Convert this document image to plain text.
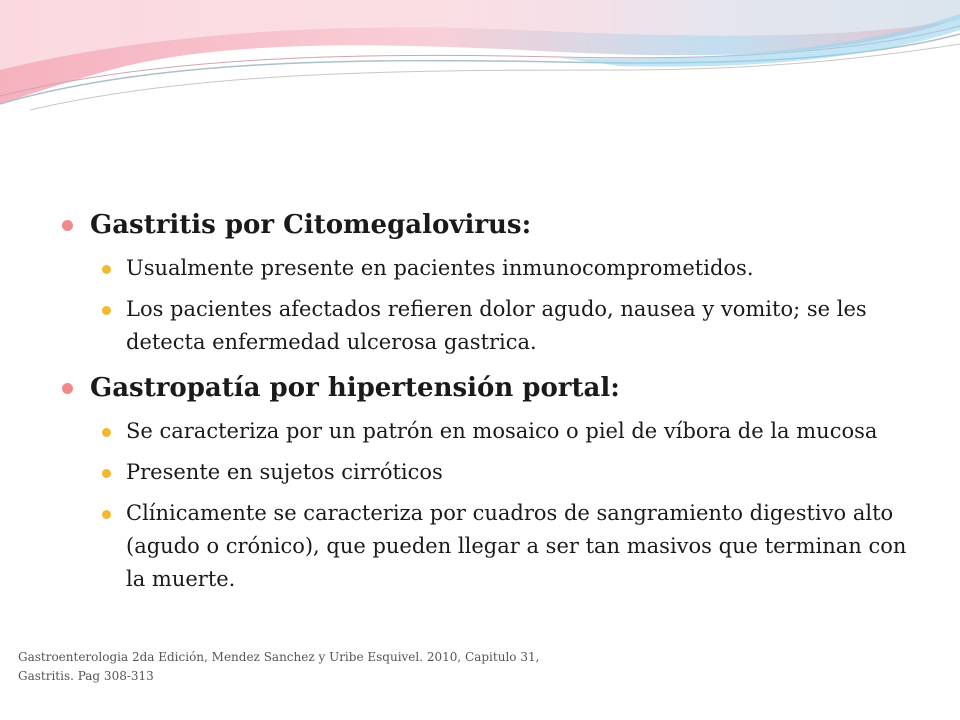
Gastritis por Citomegalovirus:
Usualmente presente en pacientes inmunocomprometidos.
Los pacientes afectados refieren dolor agudo, nausea y vomito; se les detecta enfermedad ulcerosa gastrica.
Gastropatía por hipertensión portal:
Se caracteriza por un patrón en mosaico o piel de víbora de la mucosa
Presente en sujetos cirróticos
Clínicamente se caracteriza por cuadros de sangramiento digestivo alto (agudo o crónico), que pueden llegar a ser tan masivos que terminan con la muerte.
Gastroenterologia 2da Edición, Mendez Sanchez y Uribe Esquivel. 2010, Capitulo 31,
Gastritis. Pag 308-313
